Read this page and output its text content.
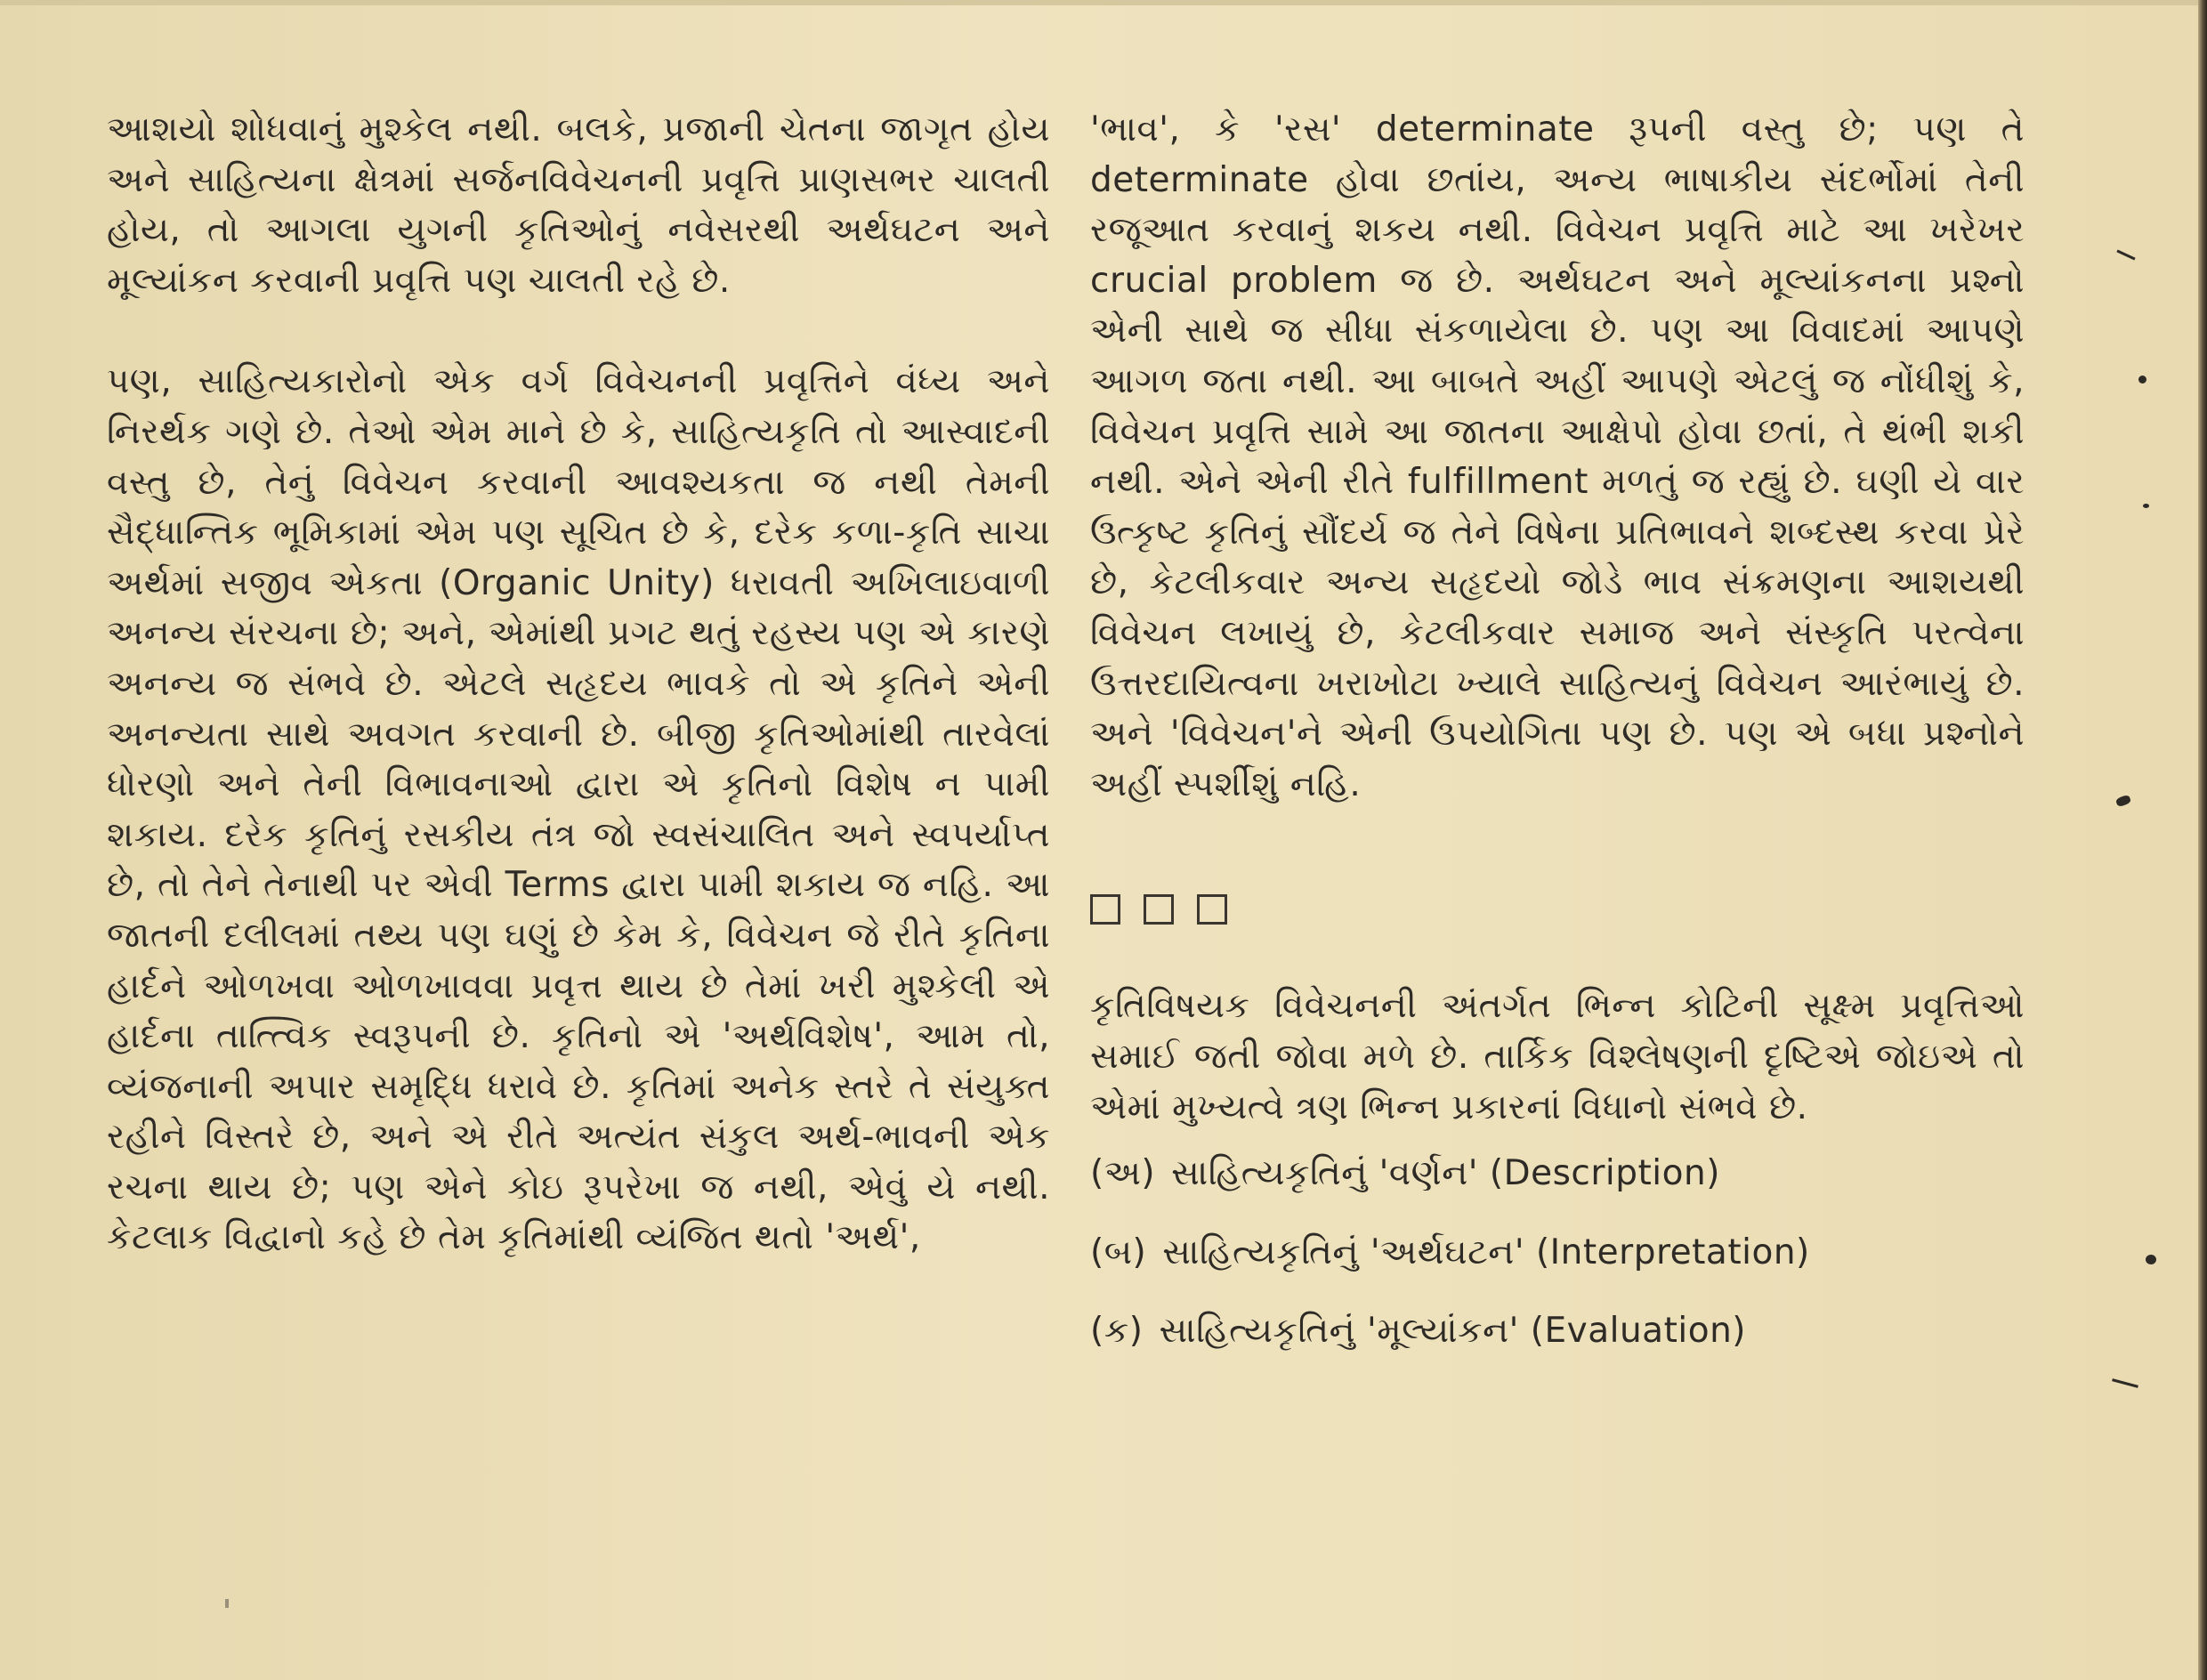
આશયો શોધવાનું મુશ્કેલ નથી. બલકે, પ્રજાની ચેતના જાગૃત હોય અને સાહિત્યના ક્ષેત્રમાં સર્જનવિવેચનની પ્રવૃત્તિ પ્રાણસભર ચાલતી હોય, તો આગલા યુગની કૃતિઓનું નવેસરથી અર્થઘટન અને મૂલ્યાંકન કરવાની પ્રવૃત્તિ પણ ચાલતી રહે છે.

પણ, સાહિત્યકારોનો એક વર્ગ વિવેચનની પ્રવૃત્તિને વંધ્ય અને નિરર્થક ગણે છે. તેઓ એમ માને છે કે, સાહિત્યકૃતિ તો આસ્વાદની વસ્તુ છે, તેનું વિવેચન કરવાની આવશ્યકતા જ નથી તેમની સૈદ્ધાન્તિક ભૂમિકામાં એમ પણ સૂચિત છે કે, દરેક કળા-કૃતિ સાચા અર્થમાં સજીવ એકતા (Organic Unity) ધરાવતી અખિલાઇવાળી અનન્ય સંરચના છે; અને, એમાંથી પ્રગટ થતું રહસ્ય પણ એ કારણે અનન્ય જ સંભવે છે. એટલે સહૃદય ભાવકે તો એ કૃતિને એની અનન્યતા સાથે અવગત કરવાની છે. બીજી કૃતિઓમાંથી તારવેલાં ધોરણો અને તેની વિભાવનાઓ દ્વારા એ કૃતિનો વિશેષ ન પામી શકાય. દરેક કૃતિનું રસકીય તંત્ર જો સ્વસંચાલિત અને સ્વપર્યાપ્ત છે, તો તેને તેનાથી પર એવી Terms દ્વારા પામી શકાય જ નહિ. આ જાતની દલીલમાં તથ્ય પણ ઘણું છે કેમ કે, વિવેચન જે રીતે કૃતિના હાર્દને ઓળખવા ઓળખાવવા પ્રવૃત્ત થાય છે તેમાં ખરી મુશ્કેલી એ હાર્દના તાત્ત્વિક સ્વરૂપની છે. કૃતિનો એ 'અર્થવિશેષ', આમ તો, વ્યંજનાની અપાર સમૃદ્ધિ ધરાવે છે. કૃતિમાં અનેક સ્તરે તે સંયુક્ત રહીને વિસ્તરે છે, અને એ રીતે અત્યંત સંકુલ અર્થ-ભાવની એક રચના થાય છે; પણ એને કોઇ રૂપરેખા જ નથી, એવું યે નથી. કેટલાક વિદ્વાનો કહે છે તેમ કૃતિમાંથી વ્યંજિત થતો 'અર્થ',

'ભાવ', કે 'રસ' determinate રૂપની વસ્તુ છે; પણ તે determinate હોવા છતાંય, અન્ય ભાષાકીય સંદર્ભોમાં તેની રજૂઆત કરવાનું શકય નથી. વિવેચન પ્રવૃત્તિ માટે આ ખરેખર crucial problem જ છે. અર્થઘટન અને મૂલ્યાંકનના પ્રશ્નો એની સાથે જ સીધા સંકળાયેલા છે. પણ આ વિવાદમાં આપણે આગળ જતા નથી. આ બાબતે અહીં આપણે એટલું જ નોંધીશું કે, વિવેચન પ્રવૃત્તિ સામે આ જાતના આક્ષેપો હોવા છતાં, તે થંભી શકી નથી. એને એની રીતે fulfillment મળતું જ રહ્યું છે. ઘણી યે વાર ઉત્કૃષ્ટ કૃતિનું સૌંદર્ય જ તેને વિષેના પ્રતિભાવને શબ્દસ્થ કરવા પ્રેરે છે, કેટલીકવાર અન્ય સહૃદયો જોડે ભાવ સંક્રમણના આશયથી વિવેચન લખાયું છે, કેટલીકવાર સમાજ અને સંસ્કૃતિ પરત્વેના ઉત્તરદાયિત્વના ખરાખોટા ખ્યાલે સાહિત્યનું વિવેચન આરંભાયું છે. અને 'વિવેચન'ને એની ઉપયોગિતા પણ છે. પણ એ બધા પ્રશ્નોને અહીં સ્પર્શીશું નહિ.

કૃતિવિષયક વિવેચનની અંતર્ગત ભિન્ન કોટિની સૂક્ષ્મ પ્રવૃત્તિઓ સમાઈ જતી જોવા મળે છે. તાર્કિક વિશ્લેષણની દૃષ્ટિએ જોઇએ તો એમાં મુખ્યત્વે ત્રણ ભિન્ન પ્રકારનાં વિધાનો સંભવે છે.

(અ) સાહિત્યકૃતિનું 'વર્ણન' (Description)
(બ) સાહિત્યકૃતિનું 'અર્થઘટન' (Interpretation)
(ક) સાહિત્યકૃતિનું 'મૂલ્યાંકન' (Evaluation)
